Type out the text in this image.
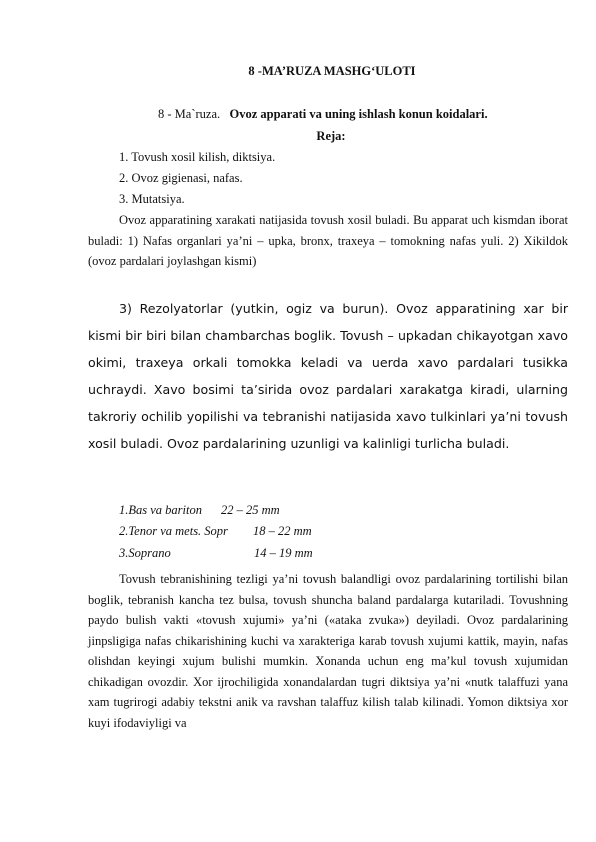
8 -MA’RUZA MASHG‘ULOTI
8 - Ma`ruza. Ovoz apparati va uning ishlash konun koidalari.
Reja:
1. Tovush xosil kilish, diktsiya.
2. Ovoz gigienasi, nafas.
3. Mutatsiya.

Ovoz apparatining xarakati natijasida tovush xosil buladi. Bu apparat uch kismdan iborat buladi: 1) Nafas organlari ya’ni – upka, bronx, traxeya – tomokning nafas yuli. 2) Xikildok (ovoz pardalari joylashgan kismi)

3) Rezolyatorlar (yutkin, ogiz va burun). Ovoz apparatining xar bir kismi bir biri bilan chambarchas boglik. Tovush – upkadan chikayotgan xavo okimi, traxeya orkali tomokka keladi va uerda xavo pardalari tusikka uchraydi. Xavo bosimi ta’sirida ovoz pardalari xarakatga kiradi, ularning takroriy ochilib yopilishi va tebranishi natijasida xavo tulkinlari ya’ni tovush xosil buladi. Ovoz pardalarining uzunligi va kalinligi turlicha buladi.

1.Bas va bariton 22 – 25 mm
2.Tenor va mets. Sopr 18 – 22 mm
3.Soprano	14 – 19 mm

Tovush tebranishining tezligi ya’ni tovush balandligi ovoz pardalarining tortilishi bilan boglik, tebranish kancha tez bulsa, tovush shuncha baland pardalarga kutariladi. Tovushning paydo bulish vakti «tovush xujumi» ya’ni («ataka zvuka») deyiladi. Ovoz pardalarining jinpsligiga nafas chikarishining kuchi va xarakteriga karab tovush xujumi kattik, mayin, nafas olishdan keyingi xujum bulishi mumkin. Xonanda uchun eng ma’kul tovush xujumidan chikadigan ovozdir. Xor ijrochiligida xonandalardan tugri diktsiya ya’ni «nutk talaffuzi yana xam tugrirogi adabiy tekstni anik va ravshan talaffuz kilish talab kilinadi. Yomon diktsiya xor kuyi ifodaviyligi va
